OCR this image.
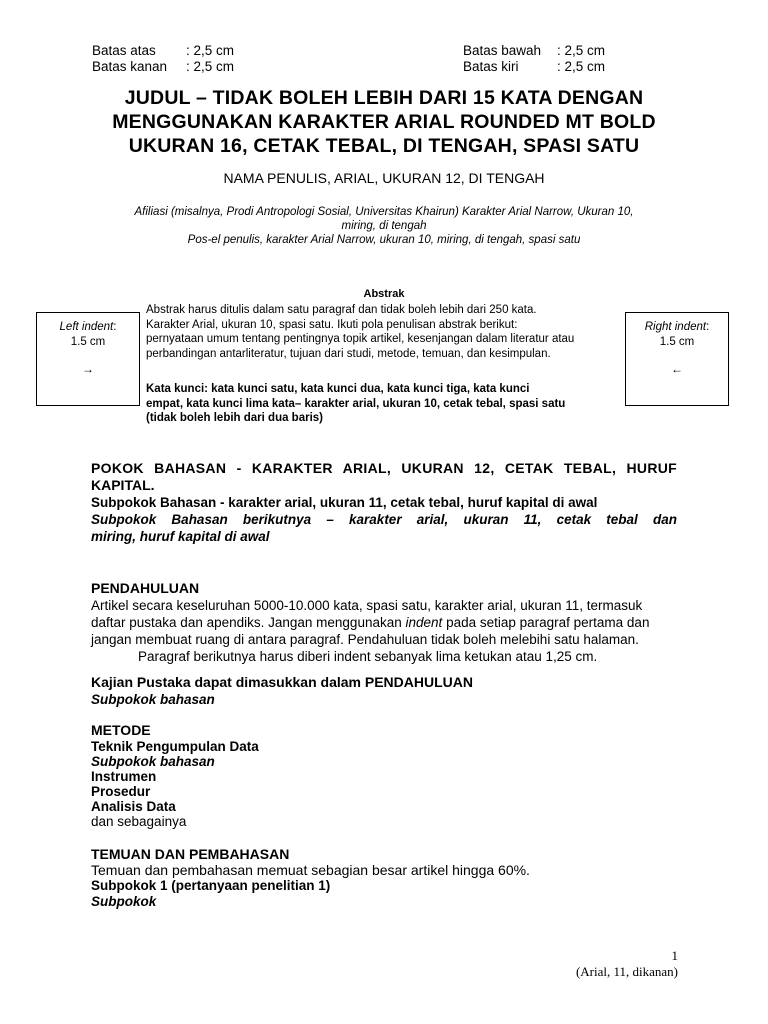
Batas atas : 2,5 cm
Batas kanan : 2,5 cm
Batas bawah : 2,5 cm
Batas kiri	: 2,5 cm
JUDUL – TIDAK BOLEH LEBIH DARI 15 KATA DENGAN
MENGGUNAKAN KARAKTER ARIAL ROUNDED MT BOLD
UKURAN 16, CETAK TEBAL, DI TENGAH, SPASI SATU
NAMA PENULIS, ARIAL, UKURAN 12, DI TENGAH
Afiliasi (misalnya, Prodi Antropologi Sosial, Universitas Khairun) Karakter Arial Narrow, Ukuran 10,
miring, di tengah
Pos-el penulis, karakter Arial Narrow, ukuran 10, miring, di tengah, spasi satu
Abstrak
Left indent:
1.5 cm
→
Right indent:
1.5 cm
←
Abstrak harus ditulis dalam satu paragraf dan tidak boleh lebih dari 250 kata.
Karakter Arial, ukuran 10, spasi satu. Ikuti pola penulisan abstrak berikut:
pernyataan umum tentang pentingnya topik artikel, kesenjangan dalam literatur atau
perbandingan antarliteratur, tujuan dari studi, metode, temuan, dan kesimpulan.
Kata kunci: kata kunci satu, kata kunci dua, kata kunci tiga, kata kunci
empat, kata kunci lima kata– karakter arial, ukuran 10, cetak tebal, spasi satu
(tidak boleh lebih dari dua baris)
POKOK BAHASAN - KARAKTER ARIAL, UKURAN 12, CETAK TEBAL, HURUF
KAPITAL.
Subpokok Bahasan - karakter arial, ukuran 11, cetak tebal, huruf kapital di awal
Subpokok Bahasan berikutnya – karakter arial, ukuran 11, cetak tebal dan
miring, huruf kapital di awal
PENDAHULUAN
Artikel secara keseluruhan 5000-10.000 kata, spasi satu, karakter arial, ukuran 11, termasuk
daftar pustaka dan apendiks. Jangan menggunakan indent pada setiap paragraf pertama dan
jangan membuat ruang di antara paragraf. Pendahuluan tidak boleh melebihi satu halaman.
Paragraf berikutnya harus diberi indent sebanyak lima ketukan atau 1,25 cm.
Kajian Pustaka dapat dimasukkan dalam PENDAHULUAN
Subpokok bahasan
METODE
Teknik Pengumpulan Data
Subpokok bahasan
Instrumen
Prosedur
Analisis Data
dan sebagainya
TEMUAN DAN PEMBAHASAN
Temuan dan pembahasan memuat sebagian besar artikel hingga 60%.
Subpokok 1 (pertanyaan penelitian 1)
Subpokok
1
(Arial, 11, dikanan)
